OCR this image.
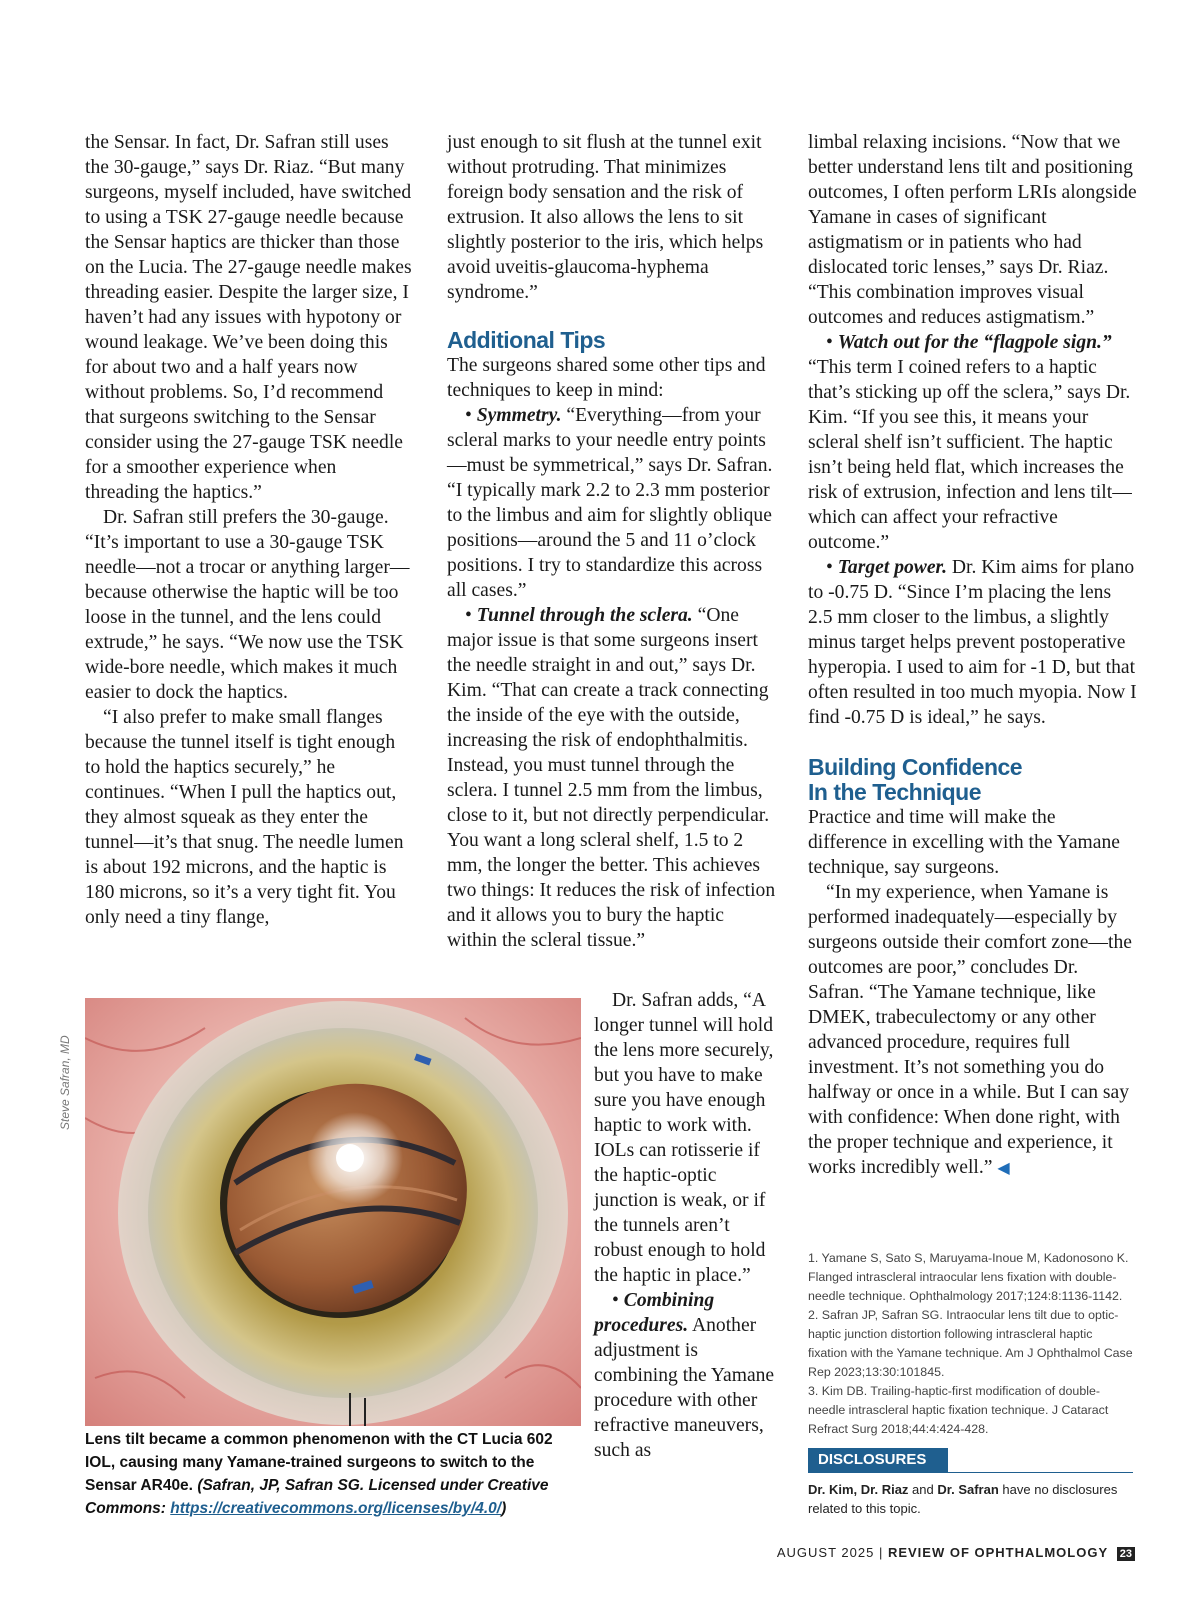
the Sensar. In fact, Dr. Safran still uses the 30-gauge,” says Dr. Riaz. “But many surgeons, myself included, have switched to using a TSK 27-gauge needle because the Sensar haptics are thicker than those on the Lucia. The 27-gauge needle makes threading easier. Despite the larger size, I haven’t had any issues with hypotony or wound leakage. We’ve been doing this for about two and a half years now without problems. So, I’d recommend that surgeons switching to the Sensar consider using the 27-gauge TSK needle for a smoother experience when threading the haptics.”

Dr. Safran still prefers the 30-gauge. “It’s important to use a 30-gauge TSK needle—not a trocar or anything larger—because otherwise the haptic will be too loose in the tunnel, and the lens could extrude,” he says. “We now use the TSK wide-bore needle, which makes it much easier to dock the haptics.

“I also prefer to make small flanges because the tunnel itself is tight enough to hold the haptics securely,” he continues. “When I pull the haptics out, they almost squeak as they enter the tunnel—it’s that snug. The needle lumen is about 192 microns, and the haptic is 180 microns, so it’s a very tight fit. You only need a tiny flange,

just enough to sit flush at the tunnel exit without protruding. That minimizes foreign body sensation and the risk of extrusion. It also allows the lens to sit slightly posterior to the iris, which helps avoid uveitis-glaucoma-hyphema syndrome.”

Additional Tips

The surgeons shared some other tips and techniques to keep in mind:

• Symmetry. “Everything—from your scleral marks to your needle entry points—must be symmetrical,” says Dr. Safran. “I typically mark 2.2 to 2.3 mm posterior to the limbus and aim for slightly oblique positions—around the 5 and 11 o’clock positions. I try to standardize this across all cases.”

• Tunnel through the sclera. “One major issue is that some surgeons insert the needle straight in and out,” says Dr. Kim. “That can create a track connecting the inside of the eye with the outside, increasing the risk of endophthalmitis. Instead, you must tunnel through the sclera. I tunnel 2.5 mm from the limbus, close to it, but not directly perpendicular. You want a long scleral shelf, 1.5 to 2 mm, the longer the better. This achieves two things: It reduces the risk of infection and it allows you to bury the haptic within the scleral tissue.”

Dr. Safran adds, “A longer tunnel will hold the lens more securely, but you have to make sure you have enough haptic to work with. IOLs can rotisserie if the haptic-optic junction is weak, or if the tunnels aren’t robust enough to hold the haptic in place.”

• Combining procedures. Another adjustment is combining the Yamane procedure with other refractive maneuvers, such as

limbal relaxing incisions. “Now that we better understand lens tilt and positioning outcomes, I often perform LRIs alongside Yamane in cases of significant astigmatism or in patients who had dislocated toric lenses,” says Dr. Riaz. “This combination improves visual outcomes and reduces astigmatism.”

• Watch out for the “flagpole sign.” “This term I coined refers to a haptic that’s sticking up off the sclera,” says Dr. Kim. “If you see this, it means your scleral shelf isn’t sufficient. The haptic isn’t being held flat, which increases the risk of extrusion, infection and lens tilt—which can affect your refractive outcome.”

• Target power. Dr. Kim aims for plano to -0.75 D. “Since I’m placing the lens 2.5 mm closer to the limbus, a slightly minus target helps prevent postoperative hyperopia. I used to aim for -1 D, but that often resulted in too much myopia. Now I find -0.75 D is ideal,” he says.

Building Confidence
In the Technique

Practice and time will make the difference in excelling with the Yamane technique, say surgeons.

“In my experience, when Yamane is performed inadequately—especially by surgeons outside their comfort zone—the outcomes are poor,” concludes Dr. Safran. “The Yamane technique, like DMEK, trabeculectomy or any other advanced procedure, requires full investment. It’s not something you do halfway or once in a while. But I can say with confidence: When done right, with the proper technique and experience, it works incredibly well.” ◀

Steve Safran, MD
Lens tilt became a common phenomenon with the CT Lucia 602 IOL, causing many Yamane-trained surgeons to switch to the Sensar AR40e. (Safran, JP, Safran SG. Licensed under Creative Commons: https://creativecommons.org/licenses/by/4.0/)

1. Yamane S, Sato S, Maruyama-Inoue M, Kadonosono K. Flanged intrascleral intraocular lens fixation with double-needle technique. Ophthalmology 2017;124:8:1136-1142.

2. Safran JP, Safran SG. Intraocular lens tilt due to optic-haptic junction distortion following intrascleral haptic fixation with the Yamane technique. Am J Ophthalmol Case Rep 2023;13:30:101845.

3. Kim DB. Trailing-haptic-first modification of double-needle intrascleral haptic fixation technique. J Cataract Refract Surg 2018;44:4:424-428.

DISCLOSURES
Dr. Kim, Dr. Riaz and Dr. Safran have no disclosures related to this topic.
AUGUST 2025 | REVIEW OF OPHTHALMOLOGY 23
